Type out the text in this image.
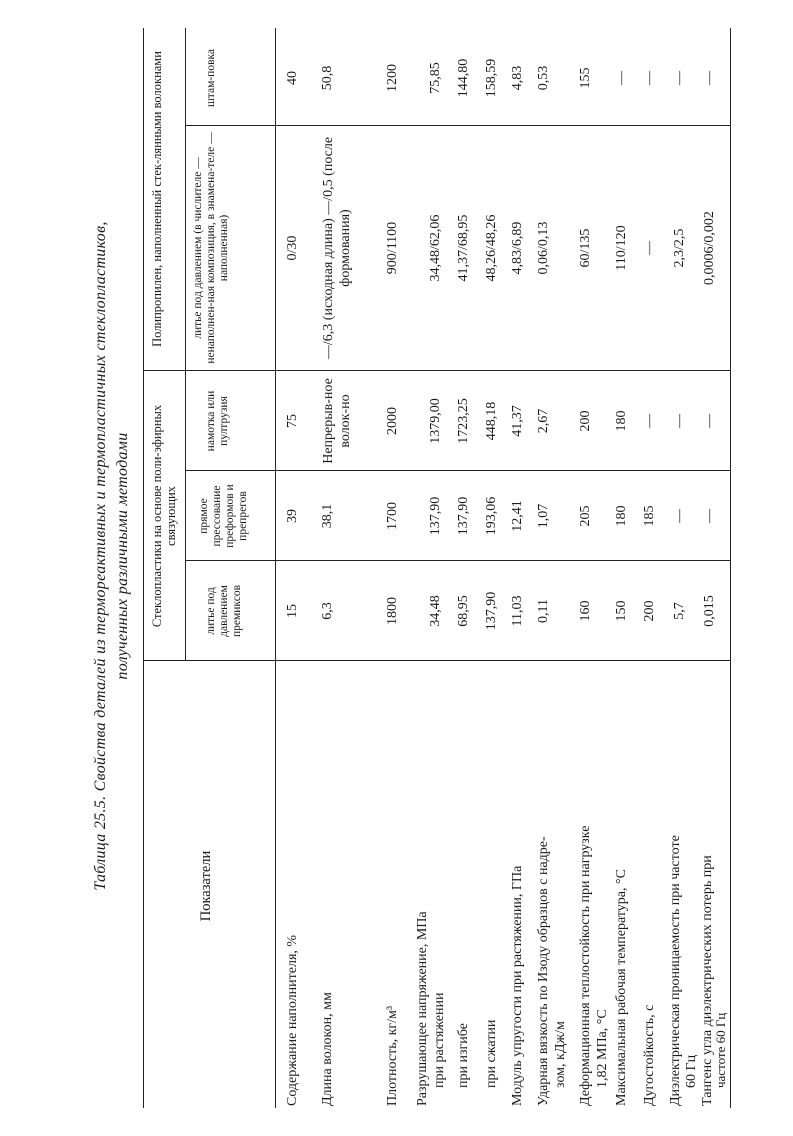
Таблица 25.5. Свойства деталей из термореактивных и термопластичных стеклопластиков, полученных различными методами
Показатели
Стеклопластики на основе поли-эфирных связующих
Полипропилен, наполненный стек-лянными волокнами
литье под давлением премиксов
прямое прессование преформов и препрегов
намотка или пултрузия
литье под давлением (в числителе — ненаполнен-ная композиция, в знамена-теле — наполненная)
штам-повка
Содержание наполнителя, %
15
39
75
0/30
40
Длина волокон, мм
6,3
38,1
Непрерыв-ное волок-но
—/6,3 (исходная длина) —/0,5 (после формования)
50,8
Плотность, кг/м³
1800
1700
2000
900/1100
1200
Разрушающее напряжение, МПа при растяжении
34,48
137,90
1379,00
34,48/62,06
75,85
при изгибе
68,95
137,90
1723,25
41,37/68,95
144,80
при сжатии
137,90
193,06
448,18
48,26/48,26
158,59
Модуль упругости при растяжении, ГПа
11,03
12,41
41,37
4,83/6,89
4,83
Ударная вязкость по Изоду образцов с надре- зом, кДж/м
0,11
1,07
2,67
0,06/0,13
0,53
Деформационная теплостойкость при нагрузке 1,82 МПа, °С
160
205
200
60/135
155
Максимальная рабочая температура, °С
150
180
180
110/120
—
Дугостойкость, с
200
185
—
—
—
Диэлектрическая проницаемость при частоте 60 Гц
5,7
—
—
2,3/2,5
—
Тангенс угла диэлектрических потерь при
частоте 60 Гц
0,015
—
—
0,0006/0,002
—
